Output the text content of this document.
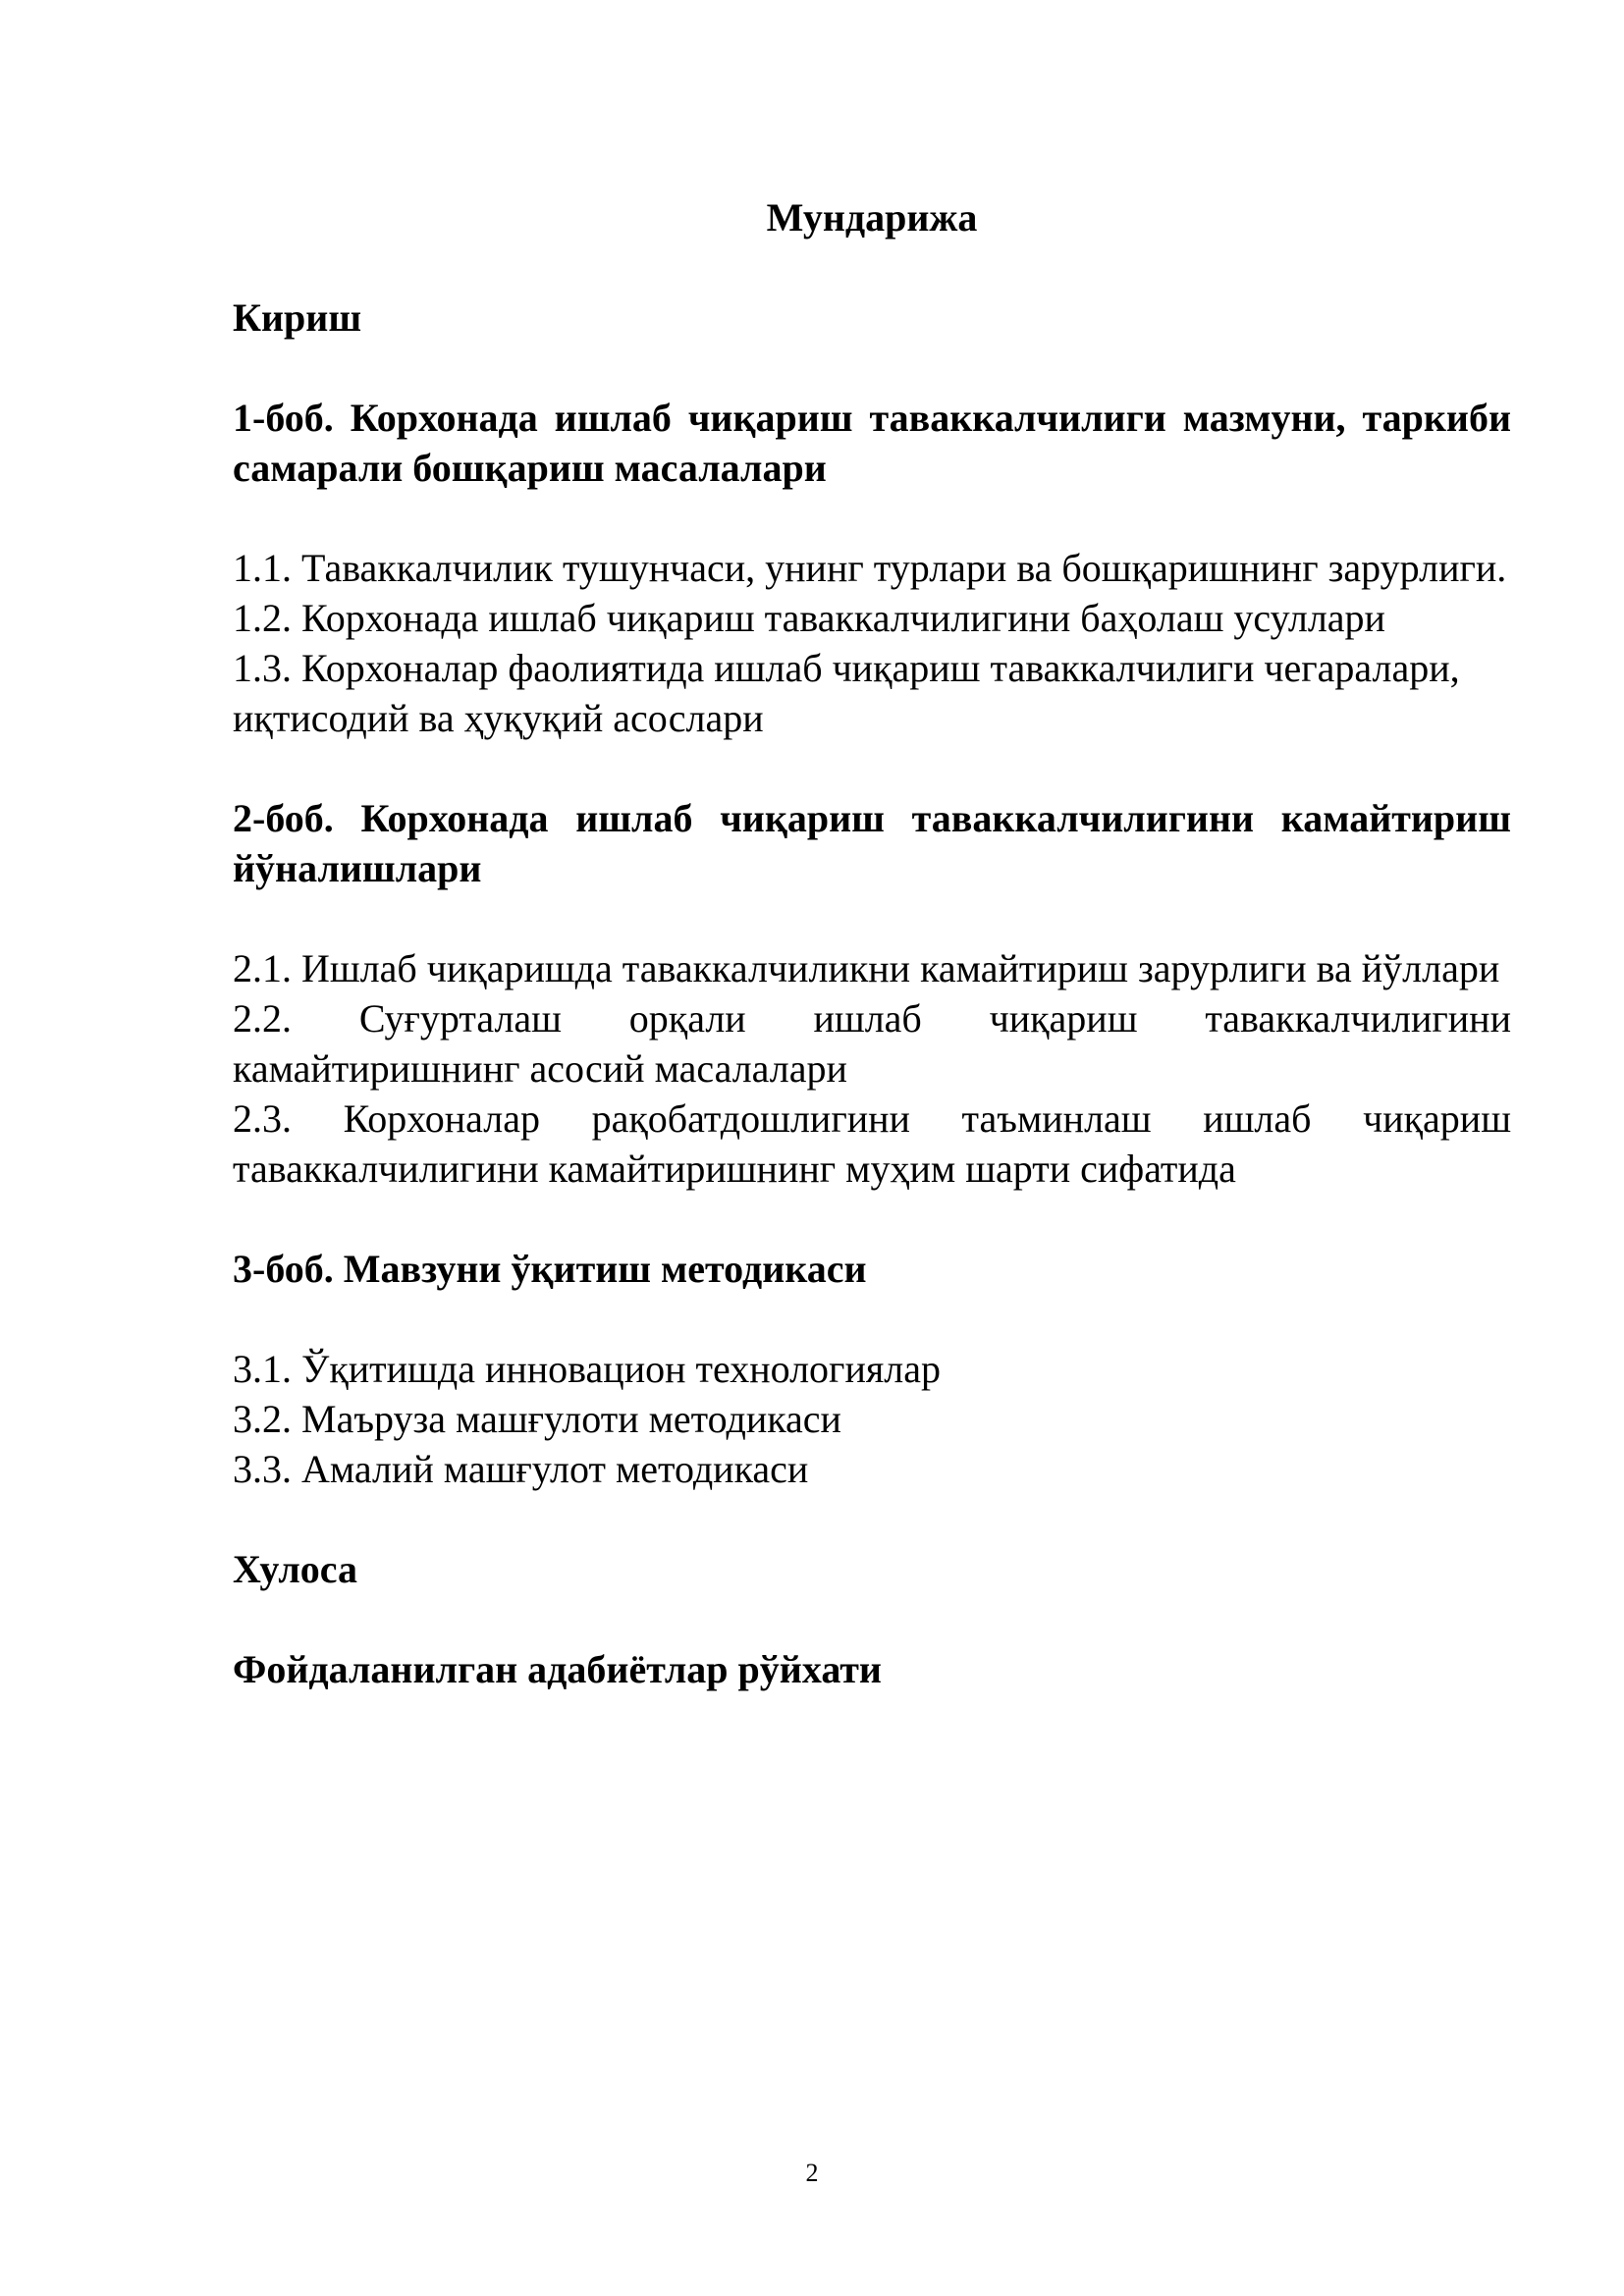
Мундарижа
Кириш
1-боб. Корхонада ишлаб чиқариш таваккалчилиги мазмуни, таркиби самарали бошқариш масалалари
1.1. Таваккалчилик тушунчаси, унинг турлари ва бошқаришнинг зарурлиги.
1.2. Корхонада ишлаб чиқариш таваккалчилигини баҳолаш усуллари
1.3. Корхоналар фаолиятида ишлаб чиқариш таваккалчилиги чегаралари,
иқтисодий ва ҳуқуқий асослари
2-боб. Корхонада ишлаб чиқариш таваккалчилигини камайтириш йўналишлари
2.1. Ишлаб чиқаришда таваккалчиликни камайтириш зарурлиги ва йўллари
2.2. Суғурталаш орқали ишлаб чиқариш таваккалчилигини камайтиришнинг асосий масалалари
2.3. Корхоналар рақобатдошлигини таъминлаш ишлаб чиқариш таваккалчилигини камайтиришнинг муҳим шарти сифатида
3-боб. Мавзуни ўқитиш методикаси
3.1. Ўқитишда инновацион технологиялар
3.2. Маъруза машғулоти методикаси
3.3. Амалий машғулот методикаси
Хулоса
Фойдаланилган адабиётлар рўйхати
2
